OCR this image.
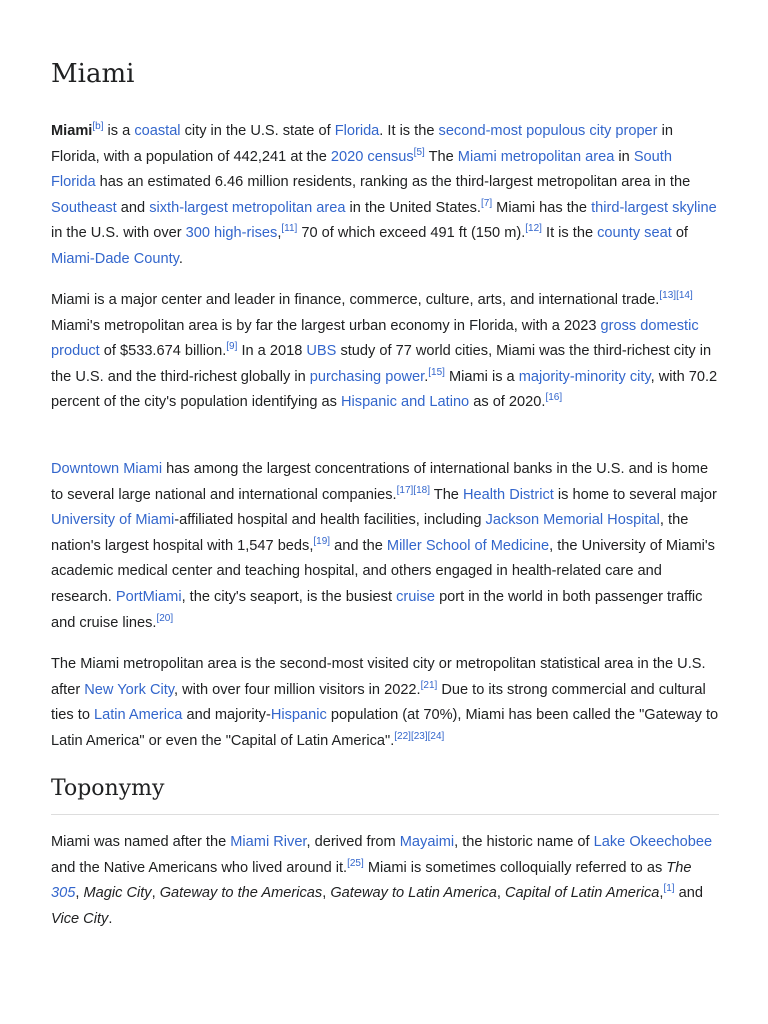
Miami

Miami[b] is a coastal city in the U.S. state of Florida. It is the second-most populous city proper in Florida, with a population of 442,241 at the 2020 census[5] The Miami metropolitan area in South Florida has an estimated 6.46 million residents, ranking as the third-largest metropolitan area in the Southeast and sixth-largest metropolitan area in the United States.[7] Miami has the third-largest skyline in the U.S. with over 300 high-rises,[11] 70 of which exceed 491 ft (150 m).[12] It is the county seat of Miami-Dade County.

Miami is a major center and leader in finance, commerce, culture, arts, and international trade.[13][14] Miami's metropolitan area is by far the largest urban economy in Florida, with a 2023 gross domestic product of $533.674 billion.[9] In a 2018 UBS study of 77 world cities, Miami was the third-richest city in the U.S. and the third-richest globally in purchasing power.[15] Miami is a majority-minority city, with 70.2 percent of the city's population identifying as Hispanic and Latino as of 2020.[16]

Downtown Miami has among the largest concentrations of international banks in the U.S. and is home to several large national and international companies.[17][18] The Health District is home to several major University of Miami-affiliated hospital and health facilities, including Jackson Memorial Hospital, the nation's largest hospital with 1,547 beds,[19] and the Miller School of Medicine, the University of Miami's academic medical center and teaching hospital, and others engaged in health-related care and research. PortMiami, the city's seaport, is the busiest cruise port in the world in both passenger traffic and cruise lines.[20]

The Miami metropolitan area is the second-most visited city or metropolitan statistical area in the U.S. after New York City, with over four million visitors in 2022.[21] Due to its strong commercial and cultural ties to Latin America and majority-Hispanic population (at 70%), Miami has been called the "Gateway to Latin America" or even the "Capital of Latin America".[22][23][24]

Toponymy

Miami was named after the Miami River, derived from Mayaimi, the historic name of Lake Okeechobee and the Native Americans who lived around it.[25] Miami is sometimes colloquially referred to as The 305, Magic City, Gateway to the Americas, Gateway to Latin America, Capital of Latin America,[1] and Vice City.
